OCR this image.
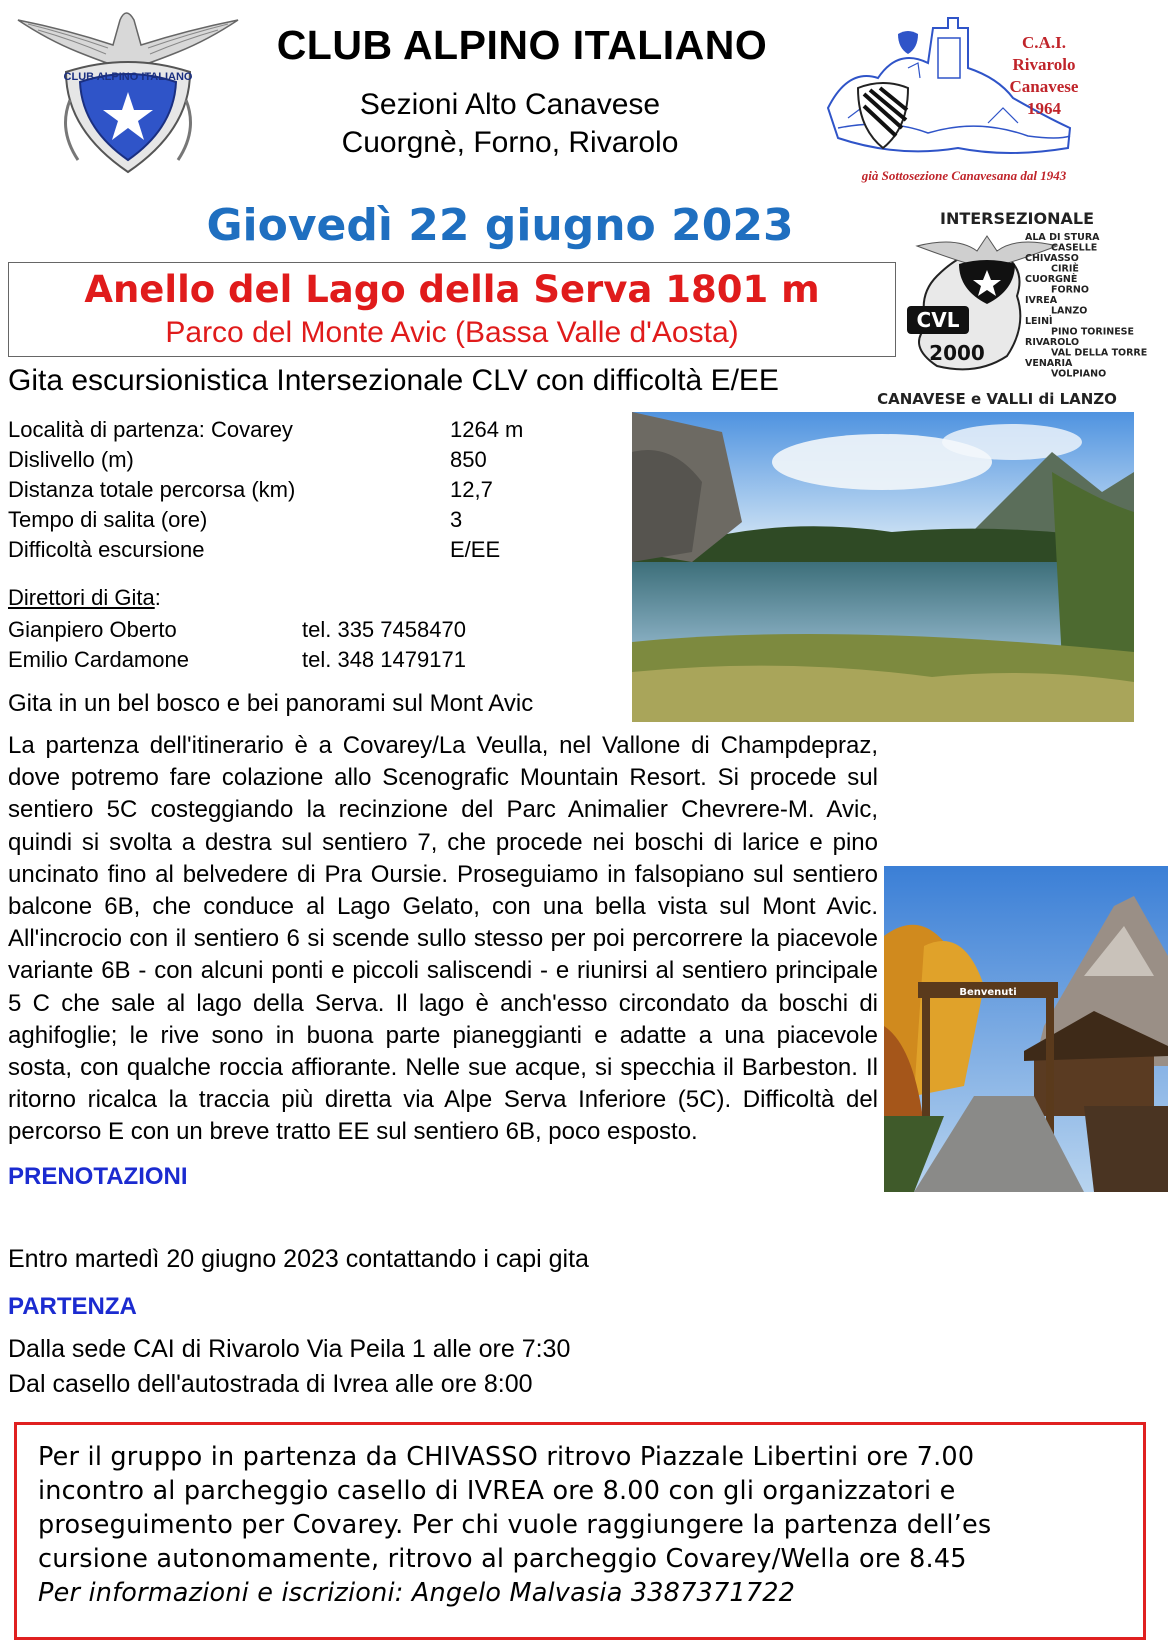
CLUB ALPINO ITALIANO
CLUB ALPINO ITALIANO
Sezioni Alto Canavese
Cuorgnè, Forno, Rivarolo
C.A.I.
Rivarolo
Canavese
1964
già Sottosezione Canavesana dal 1943
Giovedì 22 giugno 2023
Anello del Lago della Serva 1801 m
Parco del Monte Avic (Bassa Valle d'Aosta)
INTERSEZIONALE
CVL
2000
ALA DI STURA
CASELLE
CHIVASSO
CIRIÈ
CUORGNÈ
FORNO
IVREA
LANZO
LEINÌ
PINO TORINESE
RIVAROLO
VAL DELLA TORRE
VENARIA
VOLPIANO
CANAVESE e VALLI di LANZO
Gita escursionistica Intersezionale CLV con difficoltà E/EE
Località di partenza: Covarey	1264 m
Dislivello (m)	850
Distanza totale percorsa (km)	12,7
Tempo di salita (ore)	3
Difficoltà escursione	E/EE
Direttori di Gita:
Gianpiero Oberto	tel. 335 7458470
Emilio Cardamone	tel. 348 1479171
Gita in un bel bosco e bei panorami sul Mont Avic

La partenza dell'itinerario è a Covarey/La Veulla, nel Vallone di Champdepraz, dove potremo fare colazione allo Scenografic Mountain Resort. Si procede sul sentiero 5C costeggiando la recinzione del Parc Animalier Chevrere-M. Avic, quindi si svolta a destra sul sentiero 7, che procede nei boschi di larice e pino uncinato fino al belvedere di Pra Oursie. Proseguiamo in falsopiano sul sentiero balcone 6B, che conduce al Lago Gelato, con una bella vista sul Mont Avic. All'incrocio con il sentiero 6 si scende sullo stesso per poi percorrere la piacevole variante 6B - con alcuni ponti e piccoli saliscendi - e riunirsi al sentiero principale 5 C che sale al lago della Serva. Il lago è anch'esso circondato da boschi di aghifoglie; le rive sono in buona parte pianeggianti e adatte a una piacevole sosta, con qualche roccia affiorante. Nelle sue acque, si specchia il Barbeston. Il ritorno ricalca la traccia più diretta via Alpe Serva Inferiore (5C). Difficoltà del percorso E con un breve tratto EE sul sentiero 6B, poco esposto.

Benvenuti
PRENOTAZIONI
Entro martedì 20 giugno 2023 contattando i capi gita
PARTENZA
Dalla sede CAI di Rivarolo Via Peila 1 alle ore 7:30
Dal casello dell'autostrada di Ivrea alle ore 8:00
Per il gruppo in partenza da CHIVASSO ritrovo Piazzale Libertini ore 7.00
incontro al parcheggio casello di IVREA ore 8.00 con gli organizzatori e
proseguimento per Covarey. Per chi vuole raggiungere la partenza dell’es
cursione autonomamente, ritrovo al parcheggio Covarey/Wella ore 8.45
Per informazioni e iscrizioni: Angelo Malvasia 3387371722
